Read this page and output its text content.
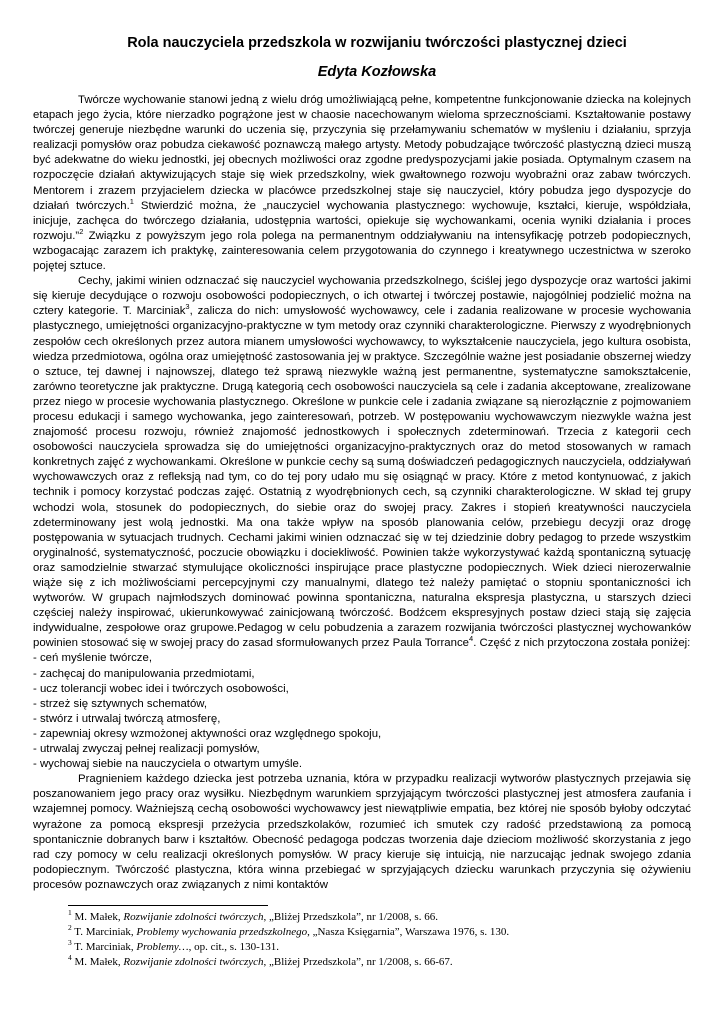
Rola nauczyciela przedszkola w rozwijaniu twórczości plastycznej dzieci
Edyta Kozłowska

Twórcze wychowanie stanowi jedną z wielu dróg umożliwiającą pełne, kompetentne funkcjonowanie dziecka na kolejnych etapach jego życia, które nierzadko pogrążone jest w chaosie nacechowanym wieloma sprzecznościami. Kształtowanie postawy twórczej generuje niezbędne warunki do uczenia się, przyczynia się przełamywaniu schematów w myśleniu i działaniu, sprzyja realizacji pomysłów oraz pobudza ciekawość poznawczą małego artysty. Metody pobudzające twórczość plastyczną dzieci muszą być adekwatne do wieku jednostki, jej obecnych możliwości oraz zgodne predyspozycjami jakie posiada. Optymalnym czasem na rozpoczęcie działań aktywizujących staje się wiek przedszkolny, wiek gwałtownego rozwoju wyobraźni oraz zabaw twórczych. Mentorem i zrazem przyjacielem dziecka w placówce przedszkolnej staje się nauczyciel, który pobudza jego dyspozycje do działań twórczych.$^1$ Stwierdzić można, że „nauczyciel wychowania plastycznego: wychowuje, kształci, kieruje, współdziała, inicjuje, zachęca do twórczego działania, udostępnia wartości, opiekuje się wychowankami, ocenia wyniki działania i proces rozwoju.”$^2$ Związku z powyższym jego rola polega na permanentnym oddziaływaniu na intensyfikację potrzeb podopiecznych, wzbogacając zarazem ich praktykę, zainteresowania celem przygotowania do czynnego i kreatywnego uczestnictwa w szeroko pojętej sztuce.

Cechy, jakimi winien odznaczać się nauczyciel wychowania przedszkolnego, ściślej jego dyspozycje oraz wartości jakimi się kieruje decydujące o rozwoju osobowości podopiecznych, o ich otwartej i twórczej postawie, najogólniej podzielić można na cztery kategorie. T. Marciniak$^3$, zalicza do nich: umysłowość wychowawcy, cele i zadania realizowane w procesie wychowania plastycznego, umiejętności organizacyjno-praktyczne w tym metody oraz czynniki charakterologiczne. Pierwszy z wyodrębnionych zespołów cech określonych przez autora mianem umysłowości wychowawcy, to wykształcenie nauczyciela, jego kultura osobista, wiedza przedmiotowa, ogólna oraz umiejętność zastosowania jej w praktyce. Szczególnie ważne jest posiadanie obszernej wiedzy o sztuce, tej dawnej i najnowszej, dlatego też sprawą niezwykle ważną jest permanentne, systematyczne samokształcenie, zarówno teoretyczne jak praktyczne. Drugą kategorią cech osobowości nauczyciela są cele i zadania akceptowane, zrealizowane przez niego w procesie wychowania plastycznego. Określone w punkcie cele i zadania związane są nierozłącznie z pojmowaniem procesu edukacji i samego wychowanka, jego zainteresowań, potrzeb. W postępowaniu wychowawczym niezwykle ważna jest znajomość procesu rozwoju, również znajomość jednostkowych i społecznych zdeterminowań. Trzecia z kategorii cech osobowości nauczyciela sprowadza się do umiejętności organizacyjno-praktycznych oraz do metod stosowanych w ramach konkretnych zajęć z wychowankami. Określone w punkcie cechy są sumą doświadczeń pedagogicznych nauczyciela, oddziaływań wychowawczych oraz z refleksją nad tym, co do tej pory udało mu się osiągnąć w pracy. Które z metod kontynuować, z jakich technik i pomocy korzystać podczas zajęć. Ostatnią z wyodrębnionych cech, są czynniki charakterologiczne. W skład tej grupy wchodzi wola, stosunek do podopiecznych, do siebie oraz do swojej pracy. Zakres i stopień kreatywności nauczyciela zdeterminowany jest wolą jednostki. Ma ona także wpływ na sposób planowania celów, przebiegu decyzji oraz drogę postępowania w sytuacjach trudnych. Cechami jakimi winien odznaczać się w tej dziedzinie dobry pedagog to przede wszystkim oryginalność, systematyczność, poczucie obowiązku i dociekliwość. Powinien także wykorzystywać każdą spontaniczną sytuację oraz samodzielnie stwarzać stymulujące okoliczności inspirujące prace plastyczne podopiecznych. Wiek dzieci nierozerwalnie wiąże się z ich możliwościami percepcyjnymi czy manualnymi, dlatego też należy pamiętać o stopniu spontaniczności ich wytworów. W grupach najmłodszych dominować powinna spontaniczna, naturalna ekspresja plastyczna, u starszych dzieci częściej należy inspirować, ukierunkowywać zainicjowaną twórczość. Bodźcem ekspresyjnych postaw dzieci stają się zajęcia indywidualne, zespołowe oraz grupowe.Pedagog w celu pobudzenia a zarazem rozwijania twórczości plastycznej wychowanków powinien stosować się w swojej pracy do zasad sformułowanych przez Paula Torrance$^4$. Część z nich przytoczona została poniżej:

- ceń myślenie twórcze,
- zachęcaj do manipulowania przedmiotami,
- ucz tolerancji wobec idei i twórczych osobowości,
- strzeż się sztywnych schematów,
- stwórz i utrwalaj twórczą atmosferę,
- zapewniaj okresy wzmożonej aktywności oraz względnego spokoju,
- utrwalaj zwyczaj pełnej realizacji pomysłów,
- wychowaj siebie na nauczyciela o otwartym umyśle.

Pragnieniem każdego dziecka jest potrzeba uznania, która w przypadku realizacji wytworów plastycznych przejawia się poszanowaniem jego pracy oraz wysiłku. Niezbędnym warunkiem sprzyjającym twórczości plastycznej jest atmosfera zaufania i wzajemnej pomocy. Ważniejszą cechą osobowości wychowawcy jest niewątpliwie empatia, bez której nie sposób byłoby odczytać wyrażone za pomocą ekspresji przeżycia przedszkolaków, rozumieć ich smutek czy radość przedstawioną za pomocą spontanicznie dobranych barw i kształtów. Obecność pedagoga podczas tworzenia daje dzieciom możliwość skorzystania z jego rad czy pomocy w celu realizacji określonych pomysłów. W pracy kieruje się intuicją, nie narzucając jednak swojego zdania podopiecznym. Twórczość plastyczna, która winna przebiegać w sprzyjających dziecku warunkach przyczynia się ożywieniu procesów poznawczych oraz związanych z nimi kontaktów

$^1$ M. Małek, Rozwijanie zdolności twórczych, „Bliżej Przedszkola”, nr 1/2008, s. 66.
$^2$ T. Marciniak, Problemy wychowania przedszkolnego, „Nasza Księgarnia”, Warszawa 1976, s. 130.
$^3$ T. Marciniak, Problemy…, op. cit., s. 130-131.
$^4$ M. Małek, Rozwijanie zdolności twórczych, „Bliżej Przedszkola”, nr 1/2008, s. 66-67.
